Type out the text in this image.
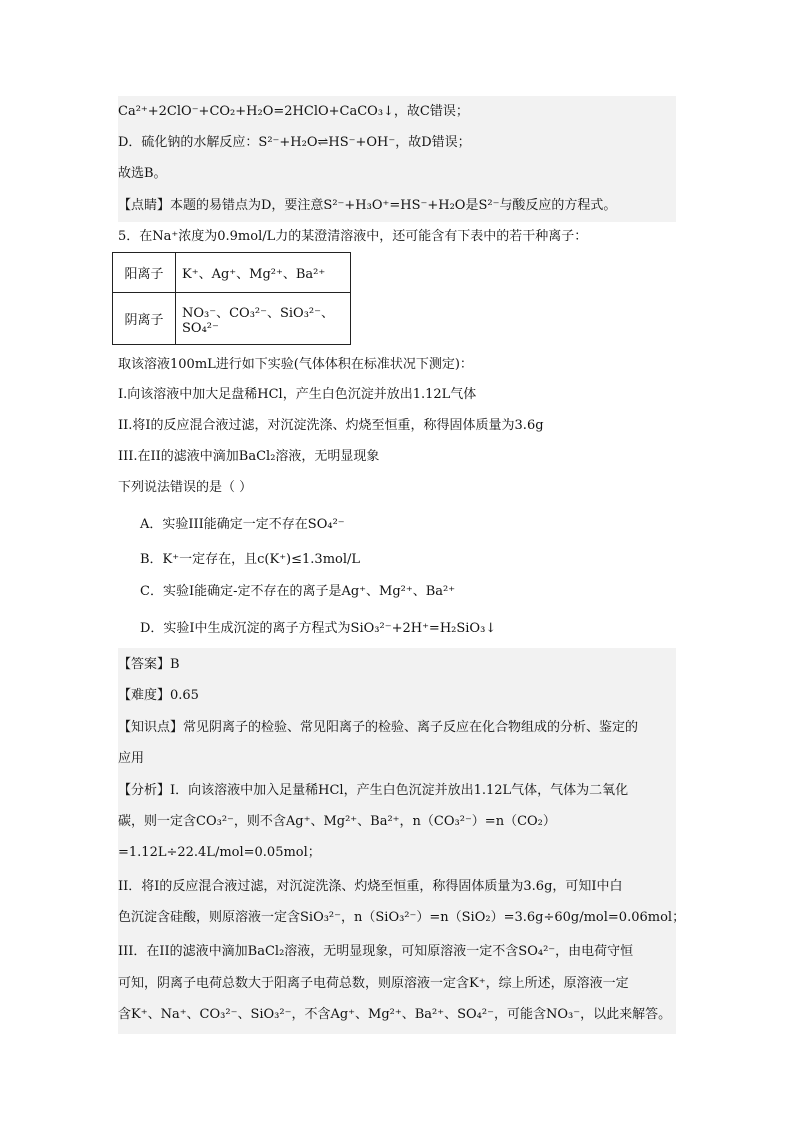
Ca²⁺+2ClO⁻+CO₂+H₂O=2HClO+CaCO₃↓，故C错误；
D．硫化钠的水解反应：S²⁻+H₂O⇌HS⁻+OH⁻，故D错误；
故选B。
【点睛】本题的易错点为D，要注意S²⁻+H₃O⁺=HS⁻+H₂O是S²⁻与酸反应的方程式。
5．在Na⁺浓度为0.9mol/L力的某澄清溶液中，还可能含有下表中的若干种离子：
阳离子	K⁺、Ag⁺、Mg²⁺、Ba²⁺
阴离子	NO₃⁻、CO₃²⁻、SiO₃²⁻、SO₄²⁻
取该溶液100mL进行如下实验(气体体积在标准状况下测定)：
I.向该溶液中加大足盘稀HCl，产生白色沉淀并放出1.12L气体
II.将I的反应混合液过滤，对沉淀洗涤、灼烧至恒重，称得固体质量为3.6g
III.在II的滤液中滴加BaCl₂溶液，无明显现象
下列说法错误的是（ ）
A．实验III能确定一定不存在SO₄²⁻
B．K⁺一定存在，且c(K⁺)≤1.3mol/L
C．实验I能确定-定不存在的离子是Ag⁺、Mg²⁺、Ba²⁺
D．实验I中生成沉淀的离子方程式为SiO₃²⁻+2H⁺=H₂SiO₃↓
【答案】B
【难度】0.65
【知识点】常见阴离子的检验、常见阳离子的检验、离子反应在化合物组成的分析、鉴定的
应用
【分析】I．向该溶液中加入足量稀HCl，产生白色沉淀并放出1.12L气体，气体为二氧化
碳，则一定含CO₃²⁻，则不含Ag⁺、Mg²⁺、Ba²⁺，n（CO₃²⁻）=n（CO₂）
=1.12L÷22.4L/mol=0.05mol；
II．将I的反应混合液过滤，对沉淀洗涤、灼烧至恒重，称得固体质量为3.6g，可知I中白
色沉淀含硅酸，则原溶液一定含SiO₃²⁻，n（SiO₃²⁻）=n（SiO₂）=3.6g÷60g/mol=0.06mol；
III．在II的滤液中滴加BaCl₂溶液，无明显现象，可知原溶液一定不含SO₄²⁻，由电荷守恒
可知，阴离子电荷总数大于阳离子电荷总数，则原溶液一定含K⁺，综上所述，原溶液一定
含K⁺、Na⁺、CO₃²⁻、SiO₃²⁻，不含Ag⁺、Mg²⁺、Ba²⁺、SO₄²⁻，可能含NO₃⁻，以此来解答。
